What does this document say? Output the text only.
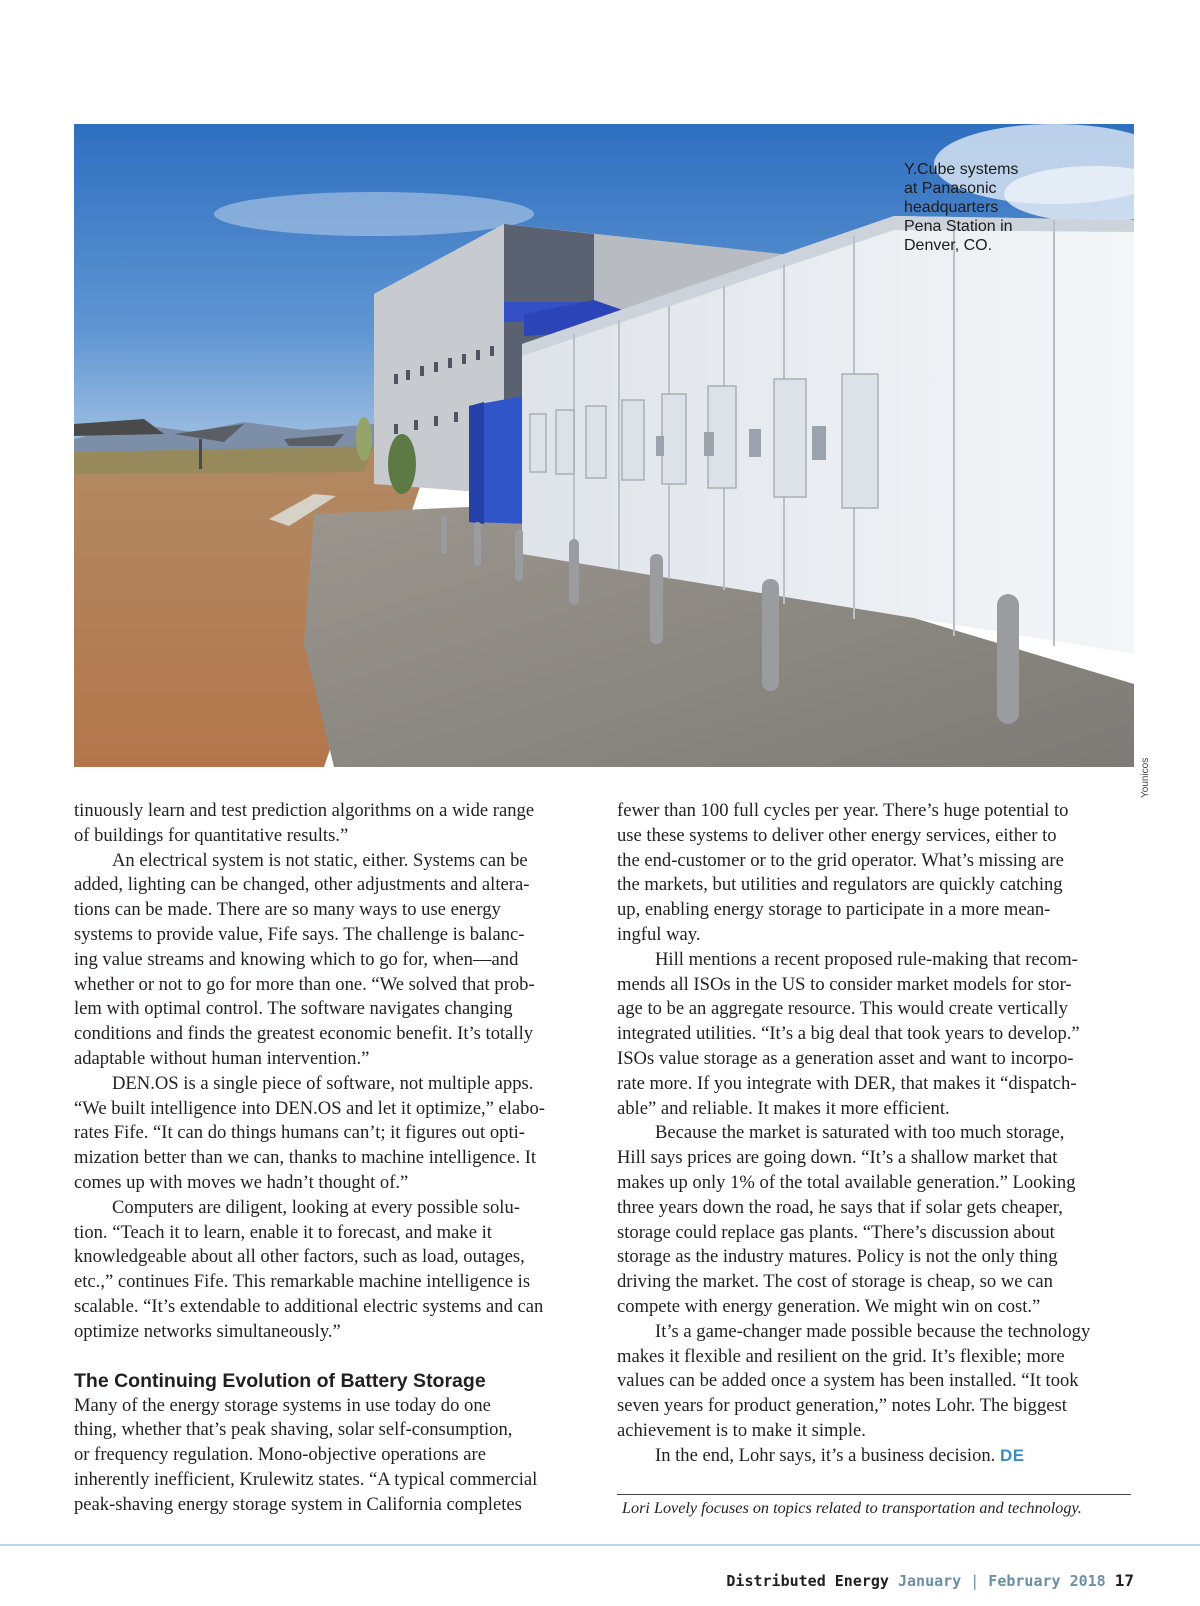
Y.Cube systems
at Panasonic
headquarters
Pena Station in
Denver, CO.
Younicos

tinuously learn and test prediction algorithms on a wide range
of buildings for quantitative results.”

An electrical system is not static, either. Systems can be
added, lighting can be changed, other adjustments and altera-
tions can be made. There are so many ways to use energy
systems to provide value, Fife says. The challenge is balanc-
ing value streams and knowing which to go for, when—and
whether or not to go for more than one. “We solved that prob-
lem with optimal control. The software navigates changing
conditions and finds the greatest economic benefit. It’s totally
adaptable without human intervention.”

DEN.OS is a single piece of software, not multiple apps.
“We built intelligence into DEN.OS and let it optimize,” elabo-
rates Fife. “It can do things humans can’t; it figures out opti-
mization better than we can, thanks to machine intelligence. It
comes up with moves we hadn’t thought of.”

Computers are diligent, looking at every possible solu-
tion. “Teach it to learn, enable it to forecast, and make it
knowledgeable about all other factors, such as load, outages,
etc.,” continues Fife. This remarkable machine intelligence is
scalable. “It’s extendable to additional electric systems and can
optimize networks simultaneously.”

The Continuing Evolution of Battery Storage

Many of the energy storage systems in use today do one
thing, whether that’s peak shaving, solar self-consumption,
or frequency regulation. Mono-objective operations are
inherently inefficient, Krulewitz states. “A typical commercial
peak-shaving energy storage system in California completes

fewer than 100 full cycles per year. There’s huge potential to
use these systems to deliver other energy services, either to
the end-customer or to the grid operator. What’s missing are
the markets, but utilities and regulators are quickly catching
up, enabling energy storage to participate in a more mean-
ingful way.

Hill mentions a recent proposed rule-making that recom-
mends all ISOs in the US to consider market models for stor-
age to be an aggregate resource. This would create vertically
integrated utilities. “It’s a big deal that took years to develop.”
ISOs value storage as a generation asset and want to incorpo-
rate more. If you integrate with DER, that makes it “dispatch-
able” and reliable. It makes it more efficient.

Because the market is saturated with too much storage,
Hill says prices are going down. “It’s a shallow market that
makes up only 1% of the total available generation.” Looking
three years down the road, he says that if solar gets cheaper,
storage could replace gas plants. “There’s discussion about
storage as the industry matures. Policy is not the only thing
driving the market. The cost of storage is cheap, so we can
compete with energy generation. We might win on cost.”

It’s a game-changer made possible because the technology
makes it flexible and resilient on the grid. It’s flexible; more
values can be added once a system has been installed. “It took
seven years for product generation,” notes Lohr. The biggest
achievement is to make it simple.

In the end, Lohr says, it’s a business decision. DE

Lori Lovely focuses on topics related to transportation and technology.
Distributed Energy January | February 2018 17
